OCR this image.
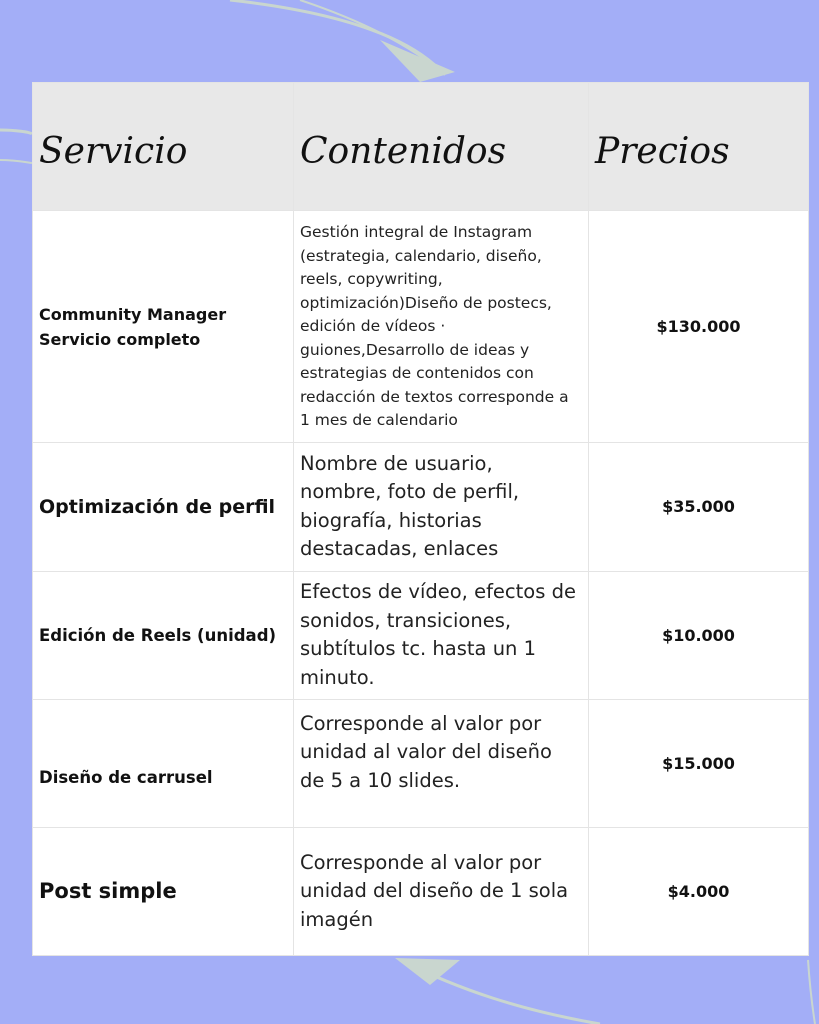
Servicio	Contenidos	Precios

Community Manager
Servicio completo	Gestión integral de Instagram (estrategia, calendario, diseño, reels, copywriting, optimización)Diseño de postecs, edición de vídeos · guiones,Desarrollo de ideas y estrategias de contenidos con redacción de textos corresponde a 1 mes de calendario	$130.000
Optimización de perfil	Nombre de usuario, nombre, foto de perfil, biografía, historias destacadas, enlaces	$35.000
Edición de Reels (unidad)	Efectos de vídeo, efectos de sonidos, transiciones, subtítulos tc. hasta un 1 minuto.	$10.000
Diseño de carrusel	Corresponde al valor por unidad al valor del diseño de 5 a 10 slides.	$15.000
Post simple	Corresponde al valor por unidad del diseño de 1 sola imagén	$4.000
